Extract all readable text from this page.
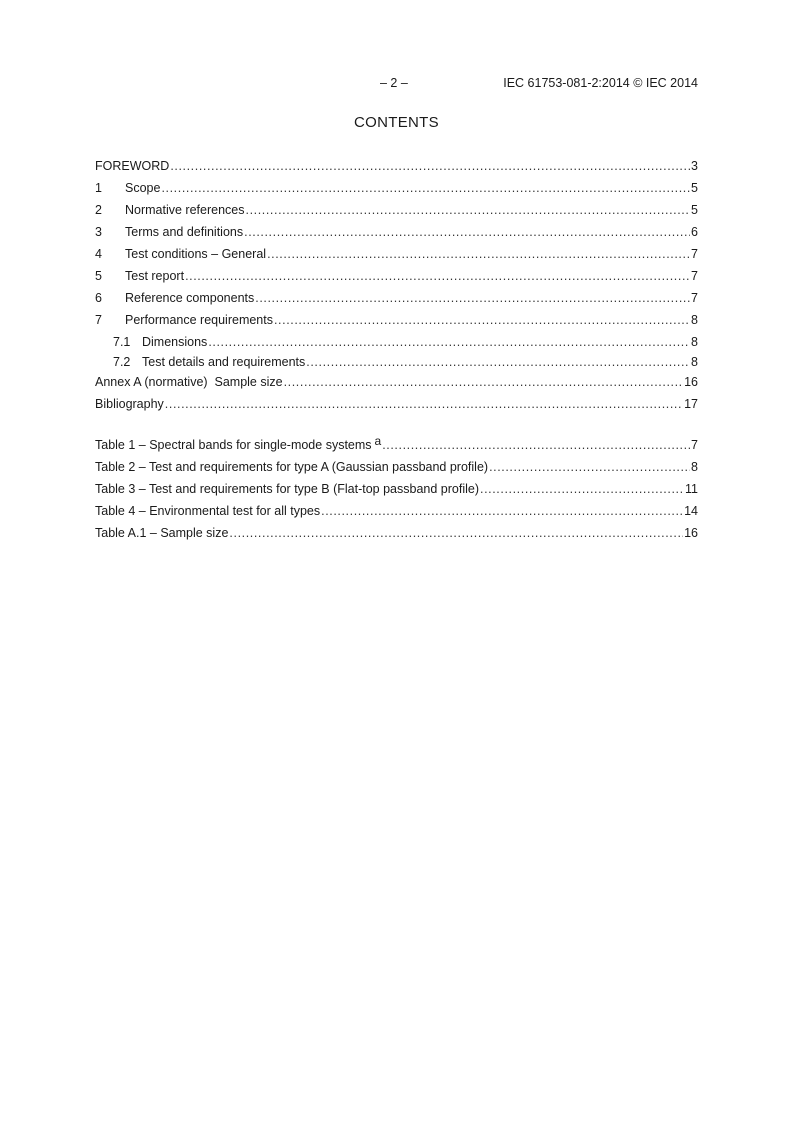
– 2 –	IEC 61753-081-2:2014 © IEC 2014
CONTENTS
FOREWORD .....	3
1	Scope .....	5
2	Normative references .....	5
3	Terms and definitions .....	6
4	Test conditions – General .....	7
5	Test report .....	7
6	Reference components .....	7
7	Performance requirements .....	8
7.1 Dimensions .....	8
7.2 Test details and requirements .....	8
Annex A (normative)  Sample size .....	16
Bibliography .....	17
Table 1 – Spectral bands for single-mode systems a .....	7
Table 2 – Test and requirements for type A (Gaussian passband profile) .....	8
Table 3 – Test and requirements for type B (Flat-top passband profile) .....	11
Table 4 – Environmental test for all types .....	14
Table A.1 – Sample size .....	16
